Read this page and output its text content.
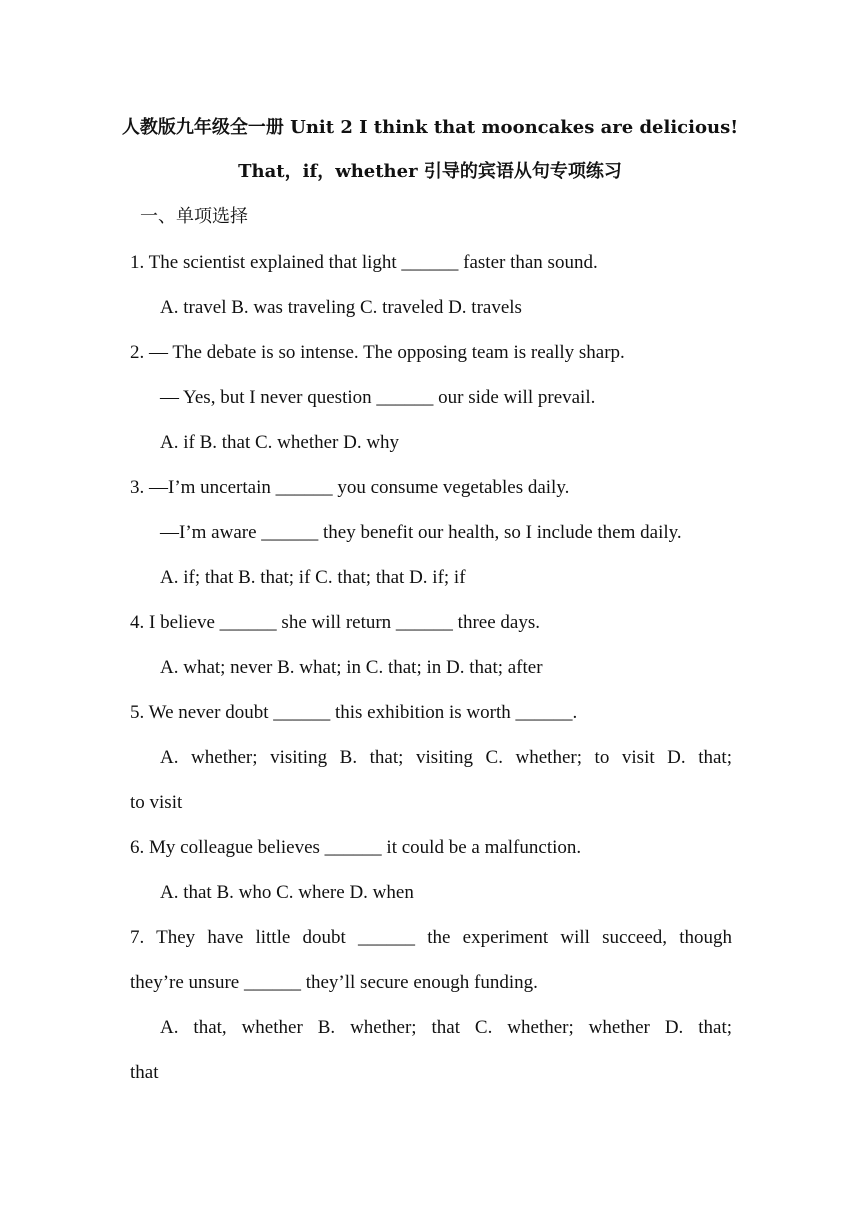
人教版九年级全一册 Unit 2 I think that mooncakes are delicious!
That，if，whether 引导的宾语从句专项练习
一、单项选择
1. The scientist explained that light ______ faster than sound.
A. travel B. was traveling C. traveled D. travels
2. — The debate is so intense. The opposing team is really sharp.
— Yes, but I never question ______ our side will prevail.
A. if B. that C. whether D. why
3. —I’m uncertain ______ you consume vegetables daily.
—I’m aware ______ they benefit our health, so I include them daily.
A. if; that B. that; if C. that; that D. if; if
4. I believe ______ she will return ______ three days.
A. what; never B. what; in C. that; in D. that; after
5. We never doubt ______ this exhibition is worth ______.
A. whether; visiting B. that; visiting C. whether; to visit D. that;
to visit
6. My colleague believes ______ it could be a malfunction.
A. that B. who C. where D. when
7. They have little doubt ______ the experiment will succeed, though
they’re unsure ______ they’ll secure enough funding.
A. that, whether B. whether; that C. whether; whether D. that;
that
